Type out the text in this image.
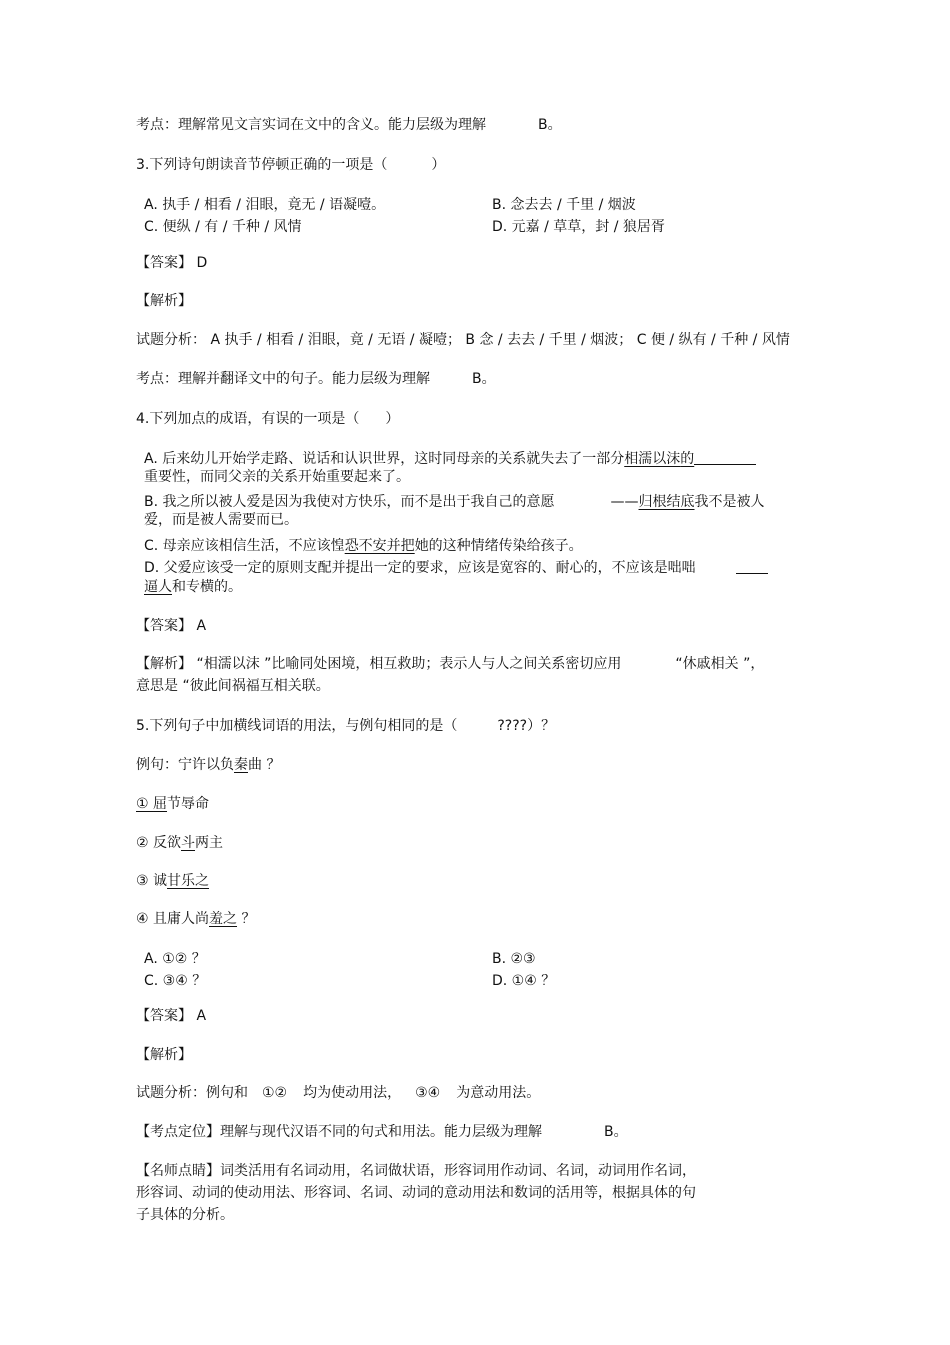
考点：理解常见文言实词在文中的含义。能力层级为理解	B。
3.下列诗句朗读音节停顿正确的一项是（	）
A. 执手 / 相看 / 泪眼，竟无 / 语凝噎。	B. 念去去 / 千里 / 烟波
C. 便纵 / 有 / 千种 / 风情	D. 元嘉 / 草草，封 / 狼居胥
【答案】 D
【解析】
试题分析： A 执手 / 相看 / 泪眼，竟 / 无语 / 凝噎； B 念 / 去去 / 千里 / 烟波； C 便 / 纵有 / 千种 / 风情
考点：理解并翻译文中的句子。能力层级为理解	B。
4.下列加点的成语，有误的一项是（ ）
A. 后来幼儿开始学走路、说话和认识世界，这时同母亲的关系就失去了一部分相濡以沫的
重要性，而同父亲的关系开始重要起来了。
B. 我之所以被人爱是因为我使对方快乐，而不是出于我自己的意愿	——归根结底我不是被人
爱，而是被人需要而已。
C. 母亲应该相信生活，不应该惶恐不安并把她的这种情绪传染给孩子。
D. 父爱应该受一定的原则支配并提出一定的要求，应该是宽容的、耐心的，不应该是咄咄
逼人和专横的。
【答案】 A
【解析】 “相濡以沫 ”比喻同处困境，相互救助；表示人与人之间关系密切应用	“休戚相关 ”，
意思是 “彼此间祸福互相关联。
5.下列句子中加横线词语的用法，与例句相同的是（	????）？
例句：宁许以负秦曲 ？
① 屈节辱命
② 反欲斗两主
③ 诚甘乐之
④ 且庸人尚羞之 ？
A. ①② ？	B. ②③
C. ③④ ？	D. ①④ ？
【答案】 A
【解析】
试题分析：例句和 ①② 均为使动用法， ③④ 为意动用法。
【考点定位】理解与现代汉语不同的句式和用法。能力层级为理解	B。
【名师点睛】词类活用有名词动用，名词做状语，形容词用作动词、名词，动词用作名词，
形容词、动词的使动用法、形容词、名词、动词的意动用法和数词的活用等，根据具体的句
子具体的分析。
